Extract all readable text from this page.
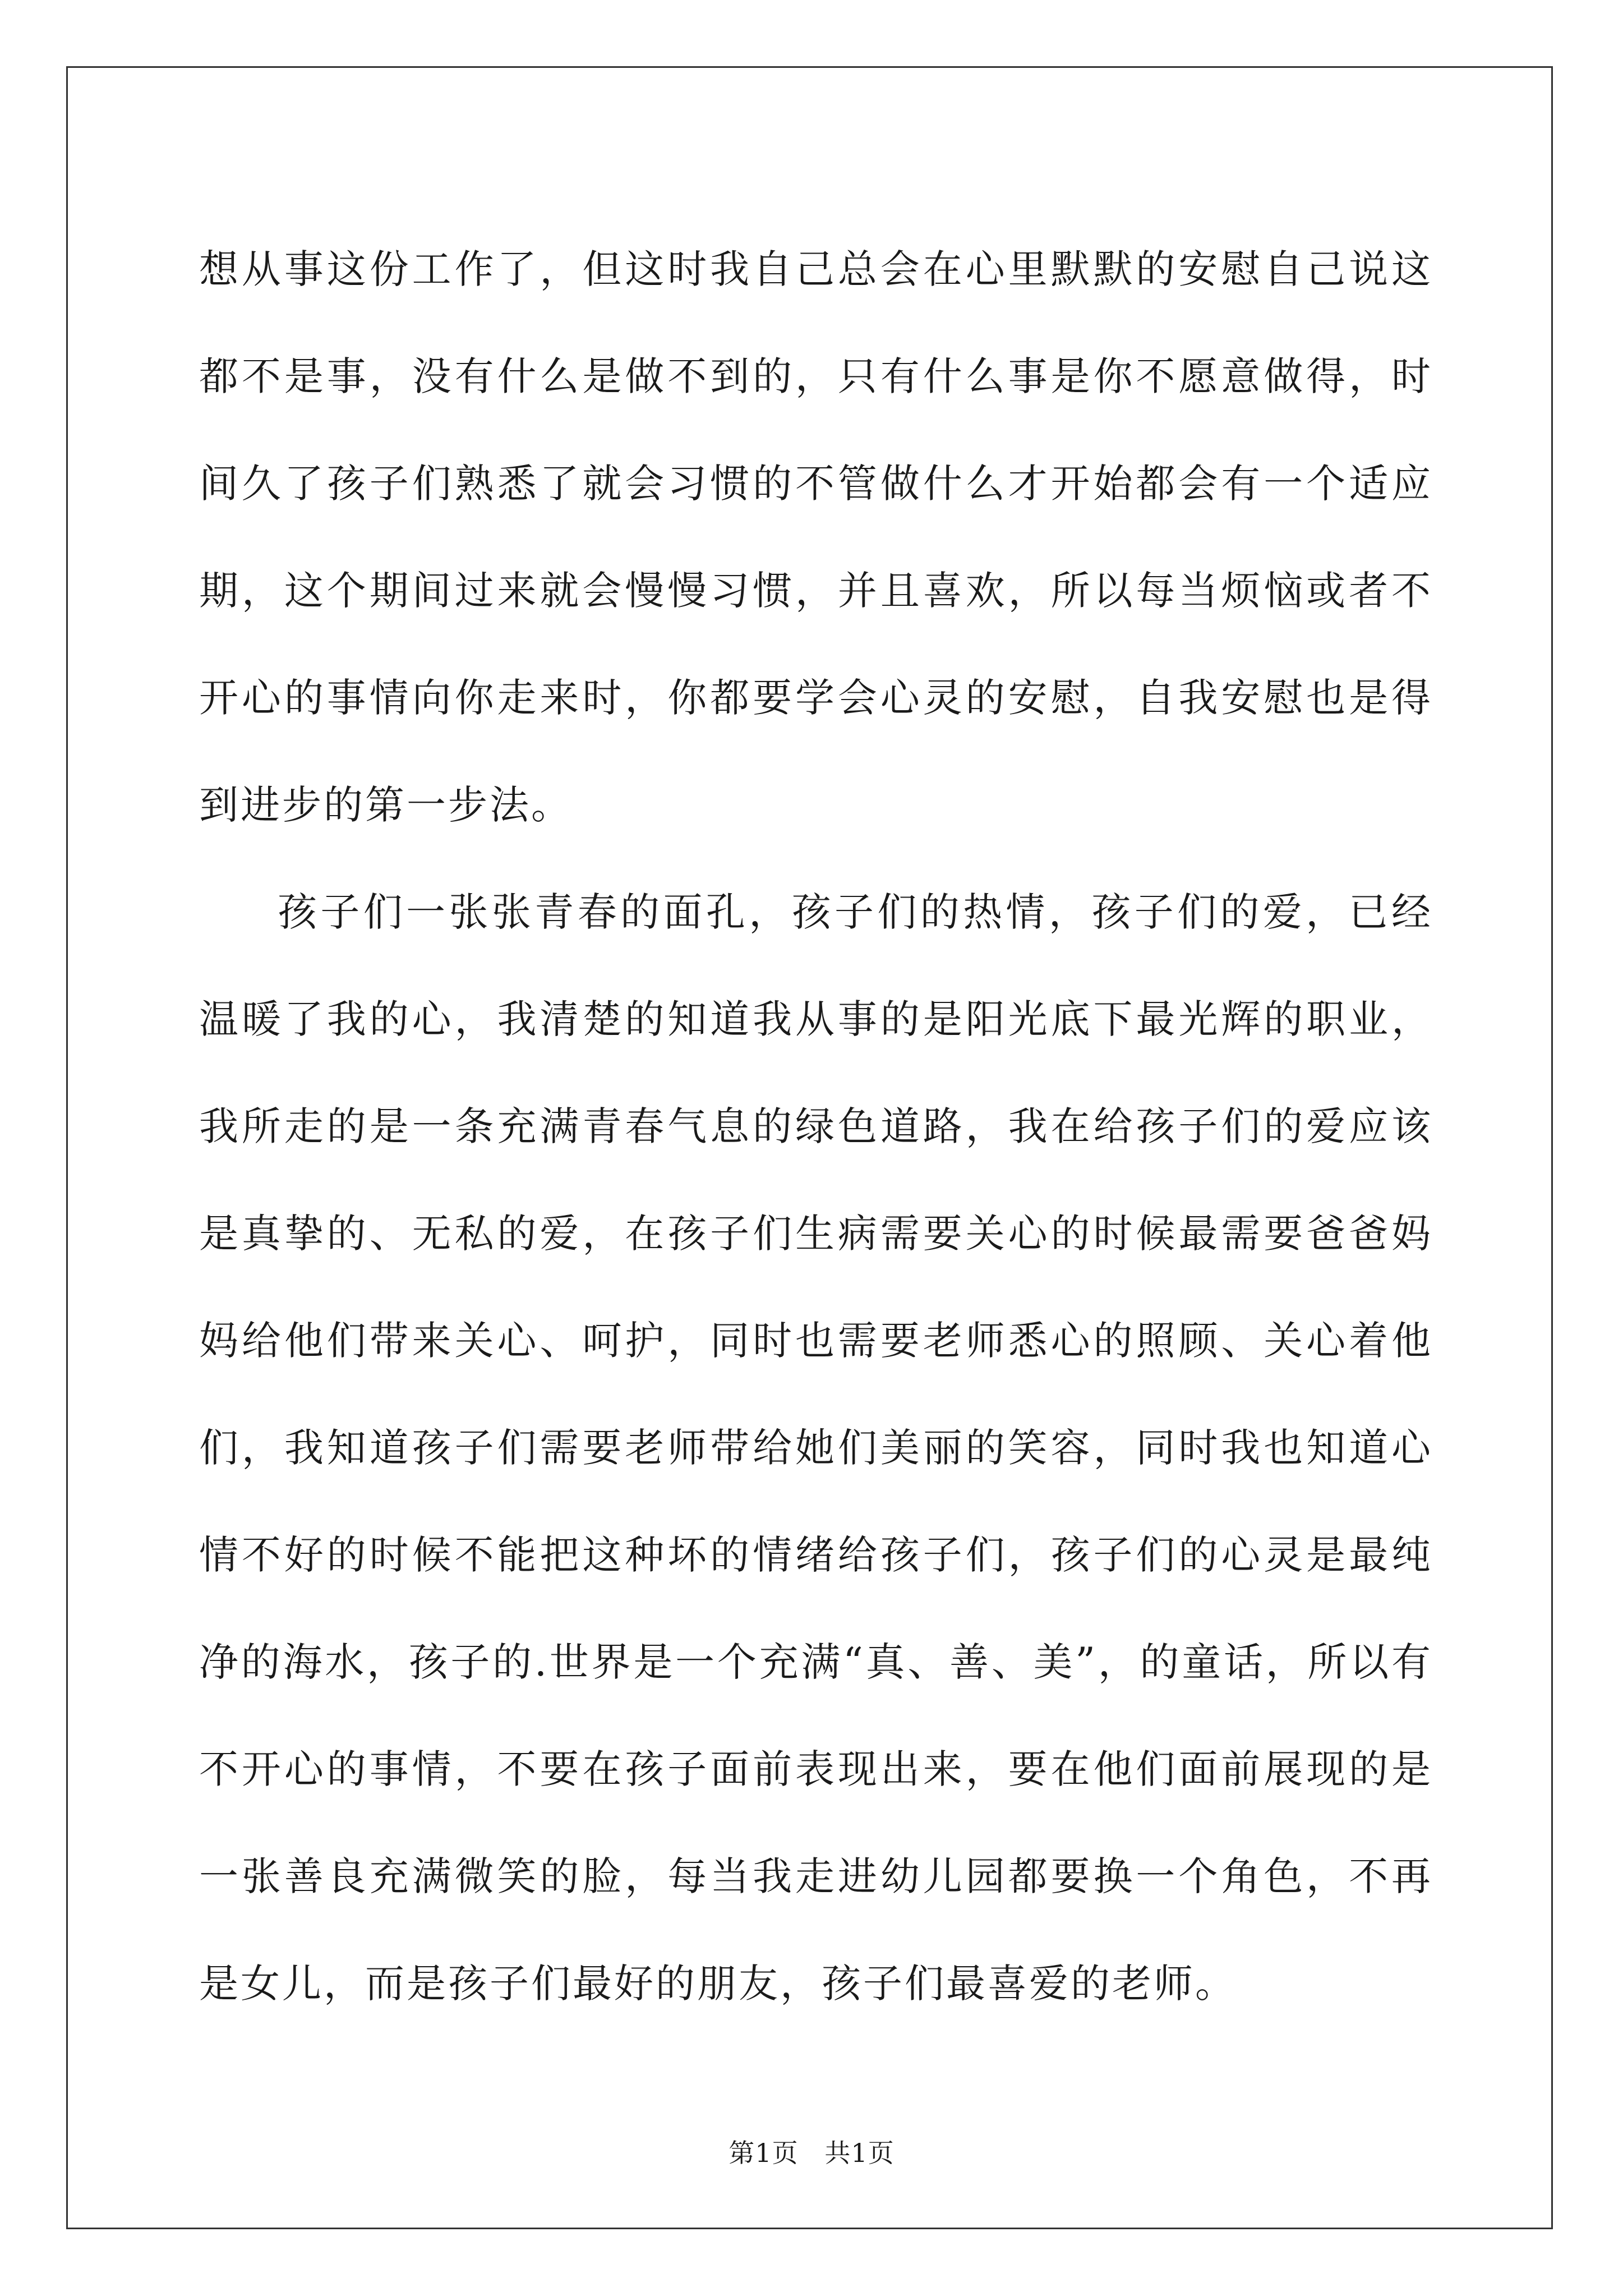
想从事这份工作了，但这时我自己总会在心里默默的安慰自己说这都不是事，没有什么是做不到的，只有什么事是你不愿意做得，时间久了孩子们熟悉了就会习惯的不管做什么才开始都会有一个适应期，这个期间过来就会慢慢习惯，并且喜欢，所以每当烦恼或者不开心的事情向你走来时，你都要学会心灵的安慰，自我安慰也是得到进步的第一步法。

孩子们一张张青春的面孔，孩子们的热情，孩子们的爱，已经温暖了我的心，我清楚的知道我从事的是阳光底下最光辉的职业，我所走的是一条充满青春气息的绿色道路，我在给孩子们的爱应该是真挚的、无私的爱，在孩子们生病需要关心的时候最需要爸爸妈妈给他们带来关心、呵护，同时也需要老师悉心的照顾、关心着他们，我知道孩子们需要老师带给她们美丽的笑容，同时我也知道心情不好的时候不能把这种坏的情绪给孩子们，孩子们的心灵是最纯净的海水，孩子的.世界是一个充满“真、善、美”，的童话，所以有不开心的事情，不要在孩子面前表现出来，要在他们面前展现的是一张善良充满微笑的脸，每当我走进幼儿园都要换一个角色，不再是女儿，而是孩子们最好的朋友，孩子们最喜爱的老师。

第1页   共1页
